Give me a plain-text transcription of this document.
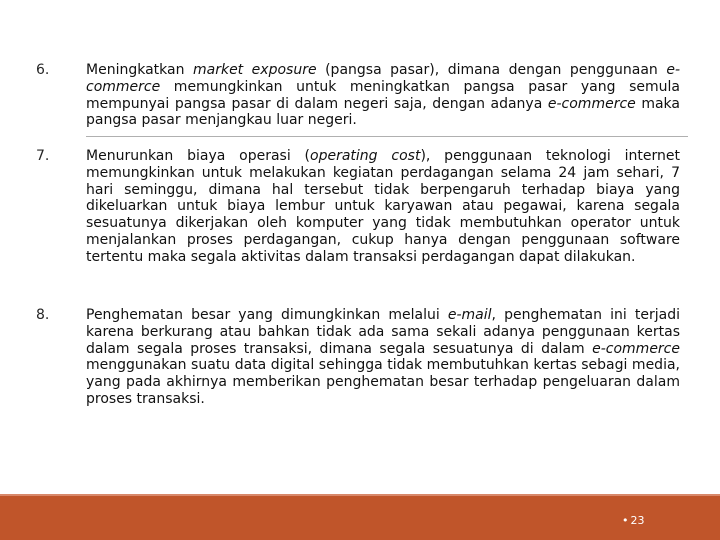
6.	Meningkatkan market exposure (pangsa pasar), dimana dengan penggunaan e-commerce memungkinkan untuk meningkatkan pangsa pasar yang semula mempunyai pangsa pasar di dalam negeri saja, dengan adanya e-commerce maka pangsa pasar menjangkau luar negeri.
7.	Menurunkan biaya operasi (operating cost), penggunaan teknologi internet memungkinkan untuk melakukan kegiatan perdagangan selama 24 jam sehari, 7 hari seminggu, dimana hal tersebut tidak berpengaruh terhadap biaya yang dikeluarkan untuk biaya lembur untuk karyawan atau pegawai, karena segala sesuatunya dikerjakan oleh komputer yang tidak membutuhkan operator untuk menjalankan proses perdagangan, cukup hanya dengan penggunaan software tertentu maka segala aktivitas dalam transaksi perdagangan dapat dilakukan.
8.	Penghematan besar yang dimungkinkan melalui e-mail, penghematan ini terjadi karena berkurang atau bahkan tidak ada sama sekali adanya penggunaan kertas dalam segala proses transaksi, dimana segala sesuatunya di dalam e-commerce menggunakan suatu data digital sehingga tidak membutuhkan kertas sebagi media, yang pada akhirnya memberikan penghematan besar terhadap pengeluaran dalam proses transaksi.
• 23
